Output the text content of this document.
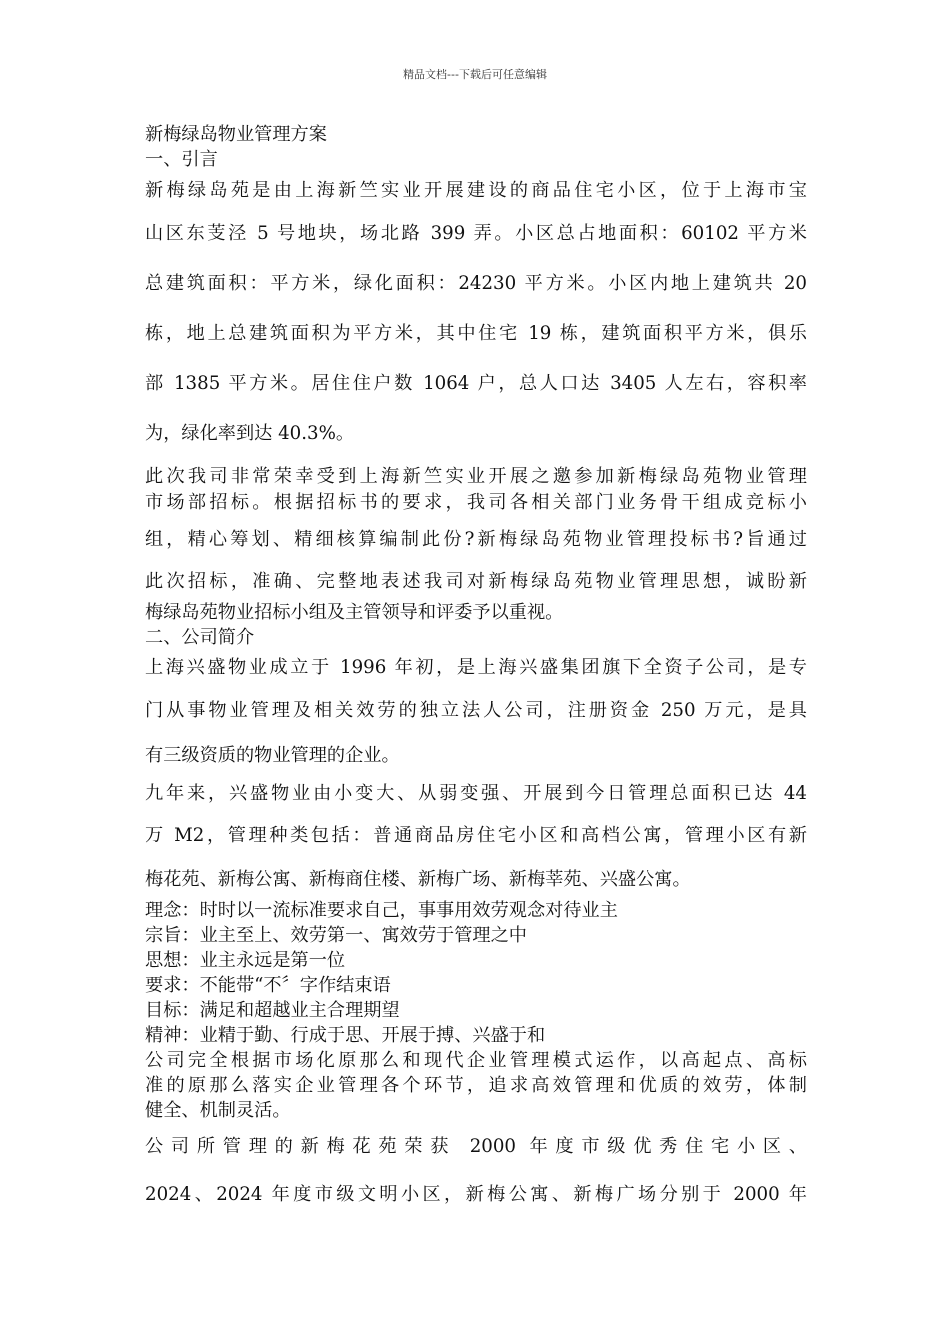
精品文档---下载后可任意编辑
新梅绿岛物业管理方案
一、引言
新梅绿岛苑是由上海新竺实业开展建设的商品住宅小区，位于上海市宝
山区东芰泾 5 号地块，场北路 399 弄。小区总占地面积：60102 平方米
总建筑面积：平方米，绿化面积：24230 平方米。小区内地上建筑共 20
栋，地上总建筑面积为平方米，其中住宅 19 栋，建筑面积平方米，俱乐
部 1385 平方米。居住住户数 1064 户，总人口达 3405 人左右，容积率
为，绿化率到达 40.3%。
此次我司非常荣幸受到上海新竺实业开展之邀参加新梅绿岛苑物业管理
市场部招标。根据招标书的要求，我司各相关部门业务骨干组成竞标小
组，精心筹划、精细核算编制此份?新梅绿岛苑物业管理投标书?旨通过
此次招标，准确、完整地表述我司对新梅绿岛苑物业管理思想，诚盼新
梅绿岛苑物业招标小组及主管领导和评委予以重视。
二、公司简介
上海兴盛物业成立于 1996 年初，是上海兴盛集团旗下全资子公司，是专
门从事物业管理及相关效劳的独立法人公司，注册资金 250 万元，是具
有三级资质的物业管理的企业。
九年来，兴盛物业由小变大、从弱变强、开展到今日管理总面积已达 44
万 M2，管理种类包括：普通商品房住宅小区和高档公寓，管理小区有新
梅花苑、新梅公寓、新梅商住楼、新梅广场、新梅莘苑、兴盛公寓。
理念：时时以一流标准要求自己，事事用效劳观念对待业主
宗旨：业主至上、效劳第一、寓效劳于管理之中
思想：业主永远是第一位
要求：不能带“不〞字作结束语
目标：满足和超越业主合理期望
精神：业精于勤、行成于思、开展于搏、兴盛于和
公司完全根据市场化原那么和现代企业管理模式运作，以高起点、高标
准的原那么落实企业管理各个环节，追求高效管理和优质的效劳，体制
健全、机制灵活。
公司所管理的新梅花苑荣获 2000 年度市级优秀住宅小区、
2024、2024 年度市级文明小区，新梅公寓、新梅广场分别于 2000 年
